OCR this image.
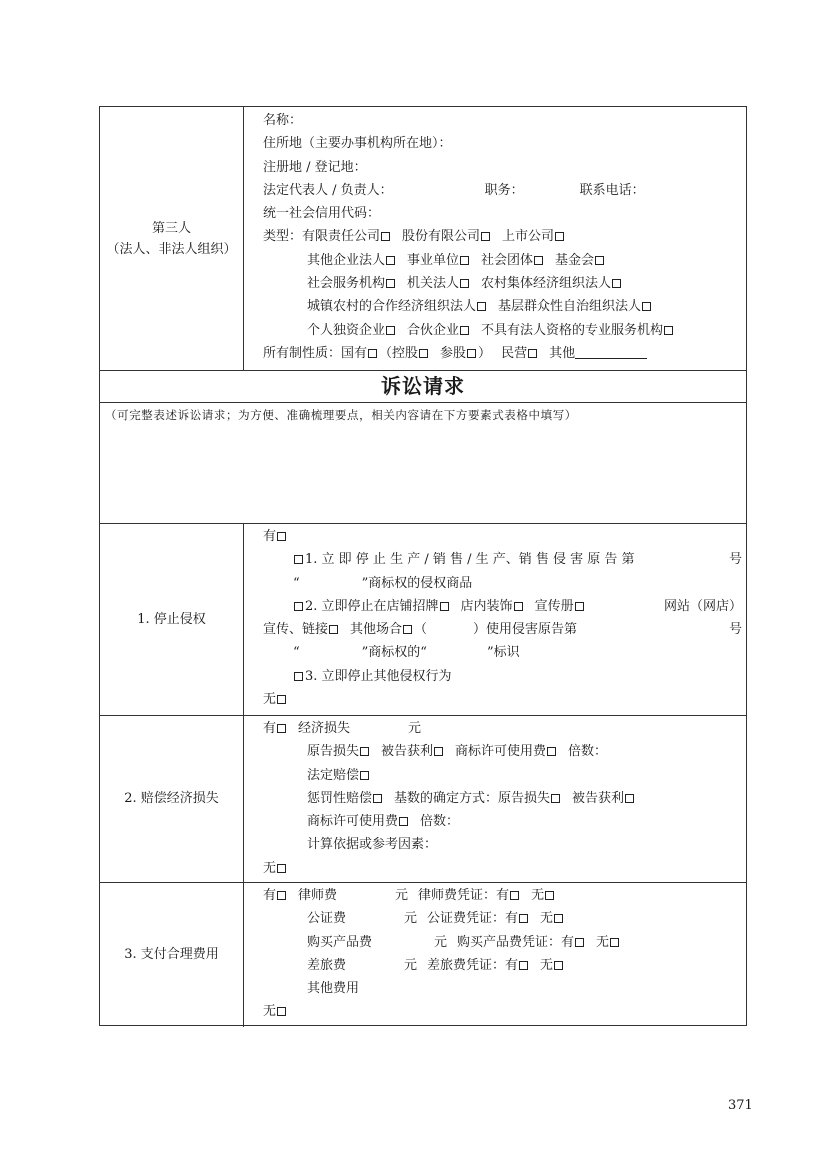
第三人
（法人、非法人组织）
名称：
住所地（主要办事机构所在地）：
注册地 / 登记地：
法定代表人 / 负责人：	职务：	联系电话：
统一社会信用代码：
类型：有限责任公司 股份有限公司 上市公司
其他企业法人 事业单位 社会团体 基金会
社会服务机构 机关法人 农村集体经济组织法人
城镇农村的合作经济组织法人 基层群众性自治组织法人
个人独资企业 合伙企业 不具有法人资格的专业服务机构
所有制性质：国有 （控股 参股 ） 民营 其他
诉讼请求
（可完整表述诉讼请求；为方便、准确梳理要点，相关内容请在下方要素式表格中填写）
1. 停止侵权
有
1. 立 即 停 止 生 产 / 销 售 / 生 产、销 售 侵 害 原 告 第	号
“	”商标权的侵权商品
2. 立即停止在店铺招牌 店内装饰 宣传册	网站（网店）
宣传、链接 其他场合 （	）使用侵害原告第	号
“	”商标权的“	”标识
3. 立即停止其他侵权行为
无
2. 赔偿经济损失
有 经济损失	元
原告损失 被告获利 商标许可使用费 倍数：
法定赔偿
惩罚性赔偿 基数的确定方式：原告损失 被告获利
商标许可使用费 倍数：
计算依据或参考因素：
无
3. 支付合理费用
有 律师费	元 律师费凭证：有 无
公证费	元 公证费凭证：有 无
购买产品费	元 购买产品费凭证：有 无
差旅费	元 差旅费凭证：有 无
其他费用
无
371
